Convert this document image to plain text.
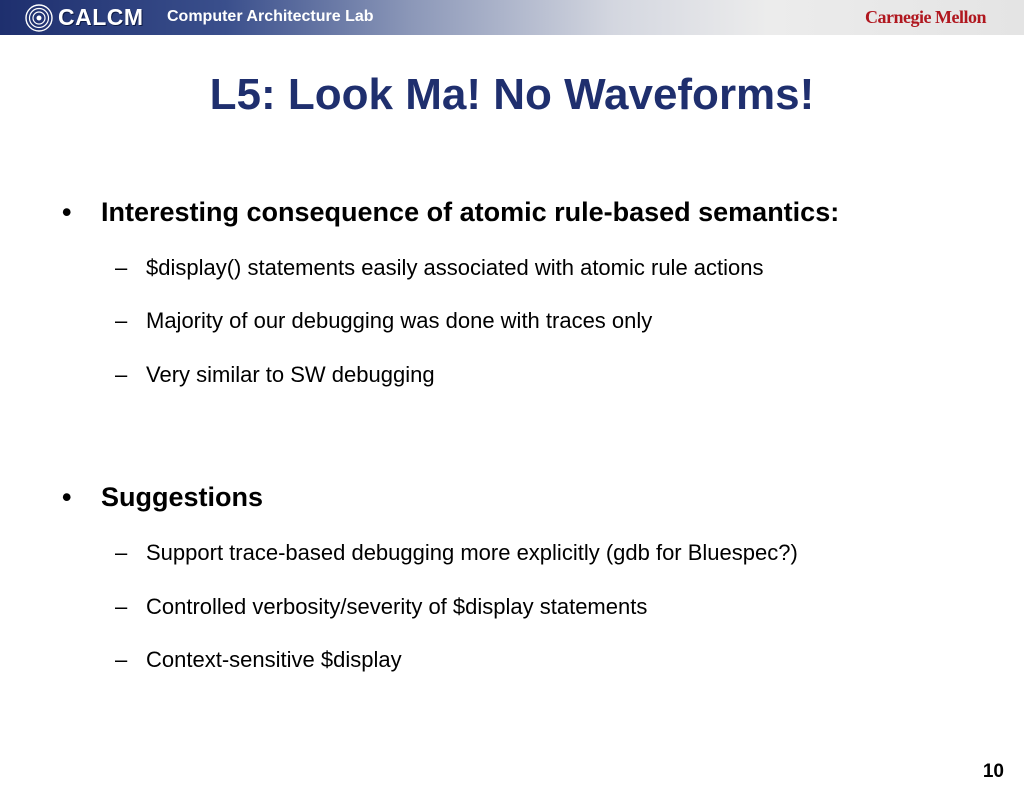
CALCM Computer Architecture Lab	Carnegie Mellon
L5: Look Ma! No Waveforms!
• Interesting consequence of atomic rule-based semantics:
– $display() statements easily associated with atomic rule actions
– Majority of our debugging was done with traces only
– Very similar to SW debugging
• Suggestions
– Support trace-based debugging more explicitly (gdb for Bluespec?)
– Controlled verbosity/severity of $display statements
– Context-sensitive $display
10
